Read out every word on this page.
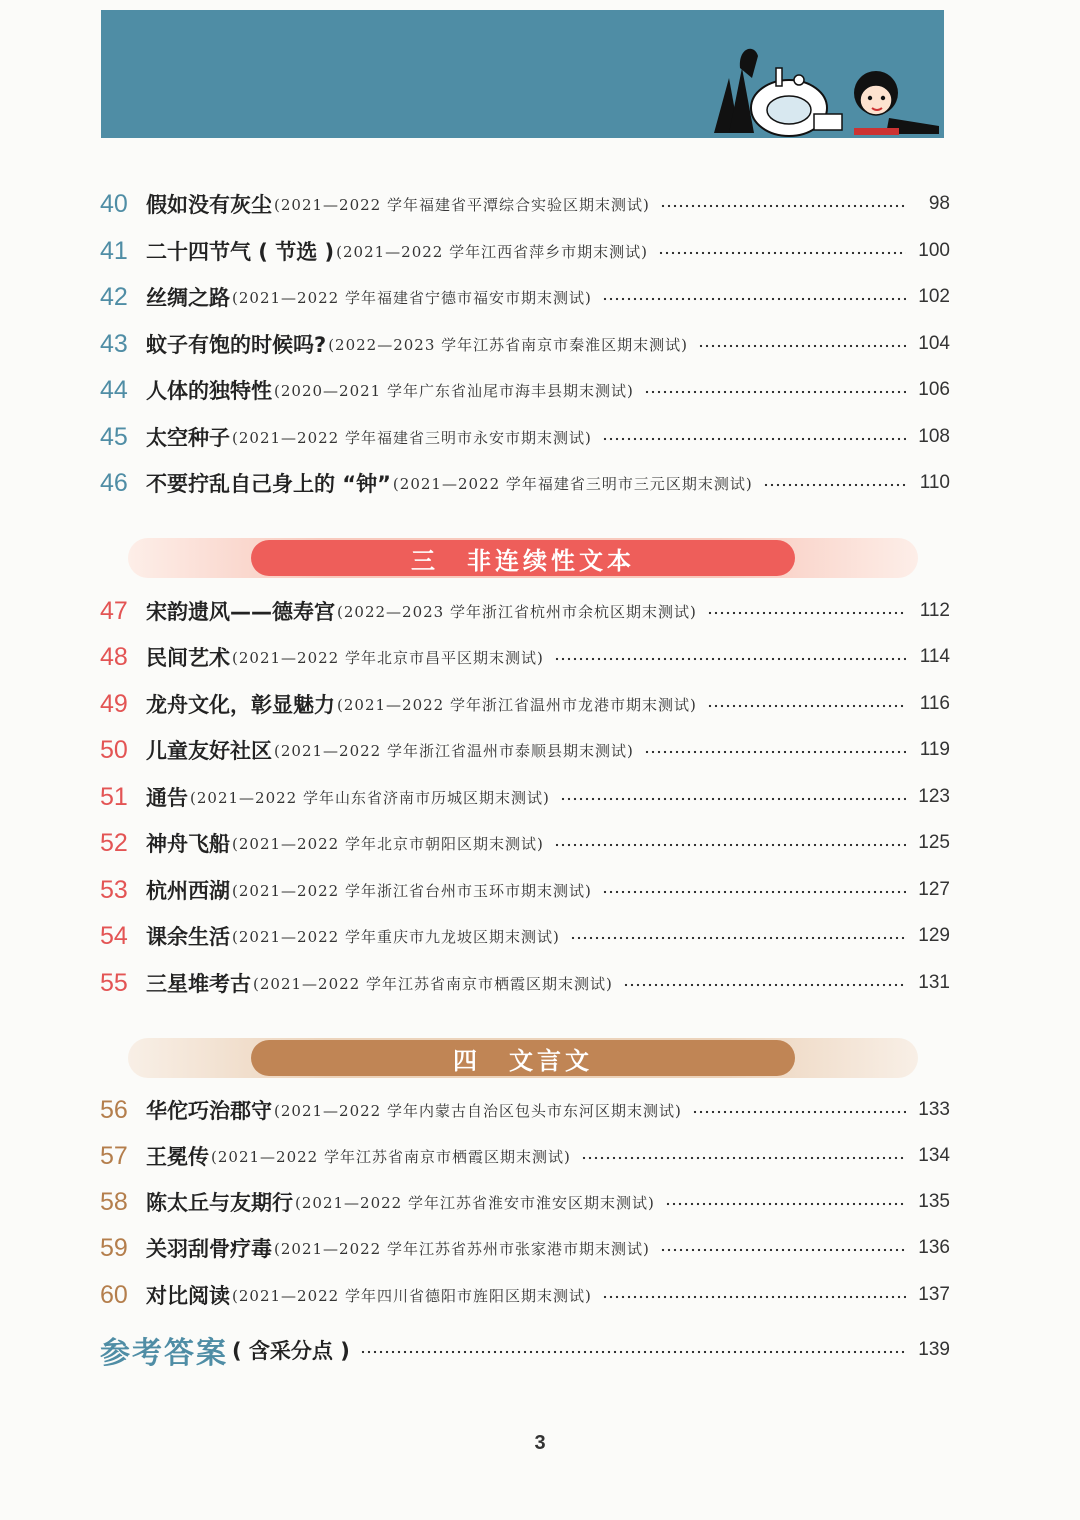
40 假如没有灰尘 (2021—2022 学年福建省平潭综合实验区期末测试)	98
41 二十四节气 ( 节选 ) (2021—2022 学年江西省萍乡市期末测试)	100
42 丝绸之路 (2021—2022 学年福建省宁德市福安市期末测试)	102
43 蚊子有饱的时候吗? (2022—2023 学年江苏省南京市秦淮区期末测试)	104
44 人体的独特性 (2020—2021 学年广东省汕尾市海丰县期末测试)	106
45 太空种子 (2021—2022 学年福建省三明市永安市期末测试)	108
46 不要拧乱自己身上的 “钟” (2021—2022 学年福建省三明市三元区期末测试)	110
三　非连续性文本
47 宋韵遗风——德寿宫 (2022—2023 学年浙江省杭州市余杭区期末测试)	112
48 民间艺术 (2021—2022 学年北京市昌平区期末测试)	114
49 龙舟文化，彰显魅力 (2021—2022 学年浙江省温州市龙港市期末测试)	116
50 儿童友好社区 (2021—2022 学年浙江省温州市泰顺县期末测试)	119
51 通告 (2021—2022 学年山东省济南市历城区期末测试)	123
52 神舟飞船 (2021—2022 学年北京市朝阳区期末测试)	125
53 杭州西湖 (2021—2022 学年浙江省台州市玉环市期末测试)	127
54 课余生活 (2021—2022 学年重庆市九龙坡区期末测试)	129
55 三星堆考古 (2021—2022 学年江苏省南京市栖霞区期末测试)	131
四　文言文
56 华佗巧治郡守 (2021—2022 学年内蒙古自治区包头市东河区期末测试)	133
57 王冕传 (2021—2022 学年江苏省南京市栖霞区期末测试)	134
58 陈太丘与友期行 (2021—2022 学年江苏省淮安市淮安区期末测试)	135
59 关羽刮骨疗毒 (2021—2022 学年江苏省苏州市张家港市期末测试)	136
60 对比阅读 (2021—2022 学年四川省德阳市旌阳区期末测试)	137
参考答案 ( 含采分点 )	139
3
